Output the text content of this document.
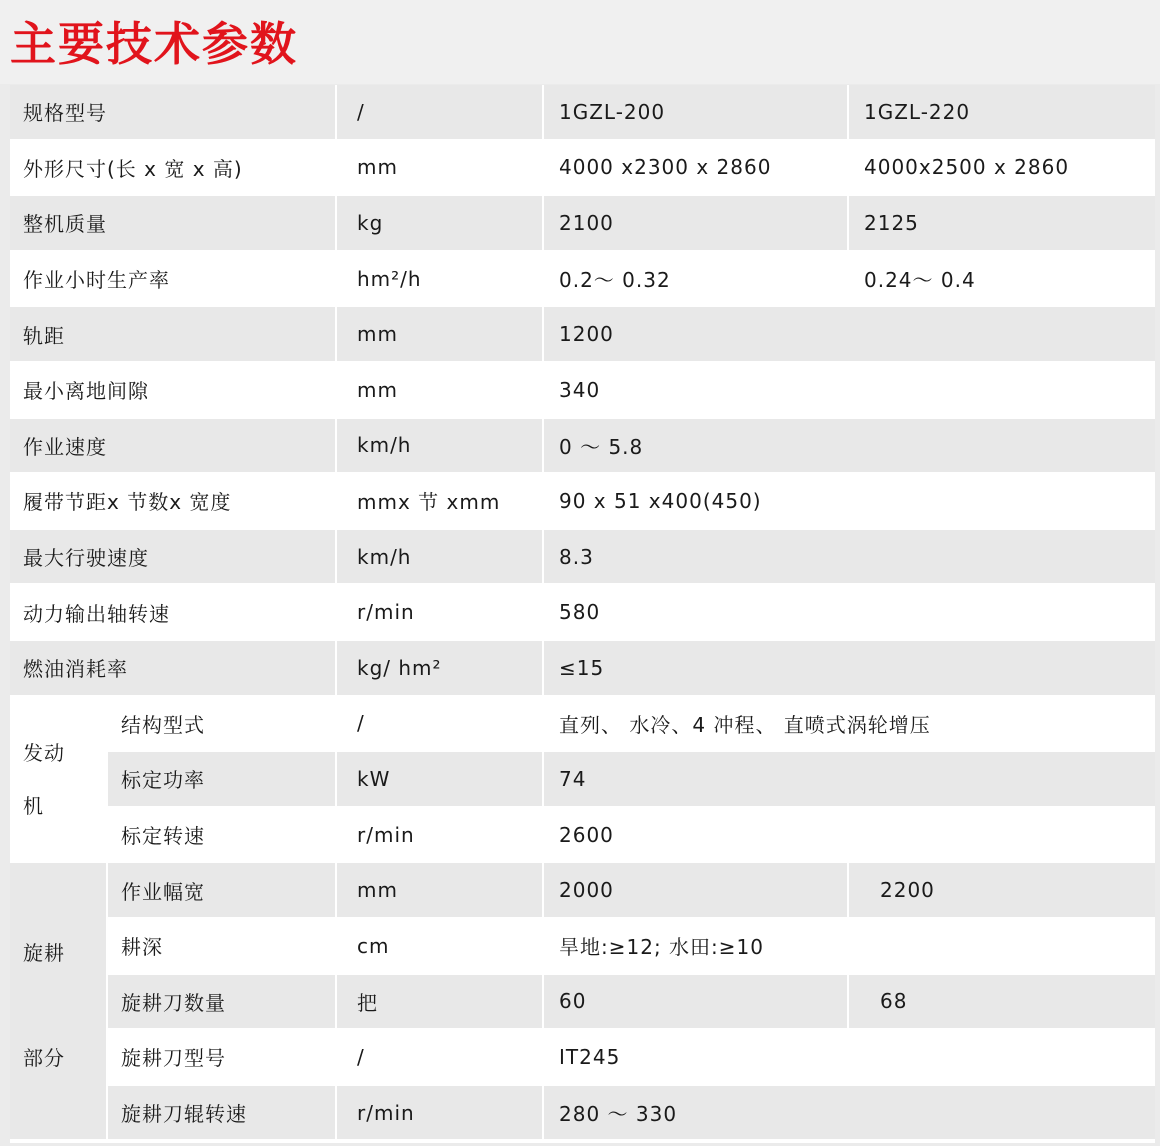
主要技术参数
规格型号	/	1GZL-200	1GZL-220
外形尺寸(长 x 宽 x 高)	mm	4000 x2300 x 2860	4000x2500 x 2860
整机质量	kg	2100	2125
作业小时生产率	hm²/h	0.2～ 0.32	0.24～ 0.4
轨距	mm	1200
最小离地间隙	mm	340
作业速度	km/h	0 ～ 5.8
履带节距x 节数x 宽度	mmx 节 xmm	90 x 51 x400(450)
最大行驶速度	km/h	8.3
动力输出轴转速	r/min	580
燃油消耗率	kg/ hm²	≤15
发动
机
结构型式	/	直列、 水冷、4 冲程、 直喷式涡轮增压
标定功率	kW	74
标定转速	r/min	2600
旋耕
部分
作业幅宽	mm	2000	2200
耕深	cm	旱地:≥12; 水田:≥10
旋耕刀数量	把	60	68
旋耕刀型号	/	IT245
旋耕刀辊转速	r/min	280 ～ 330
